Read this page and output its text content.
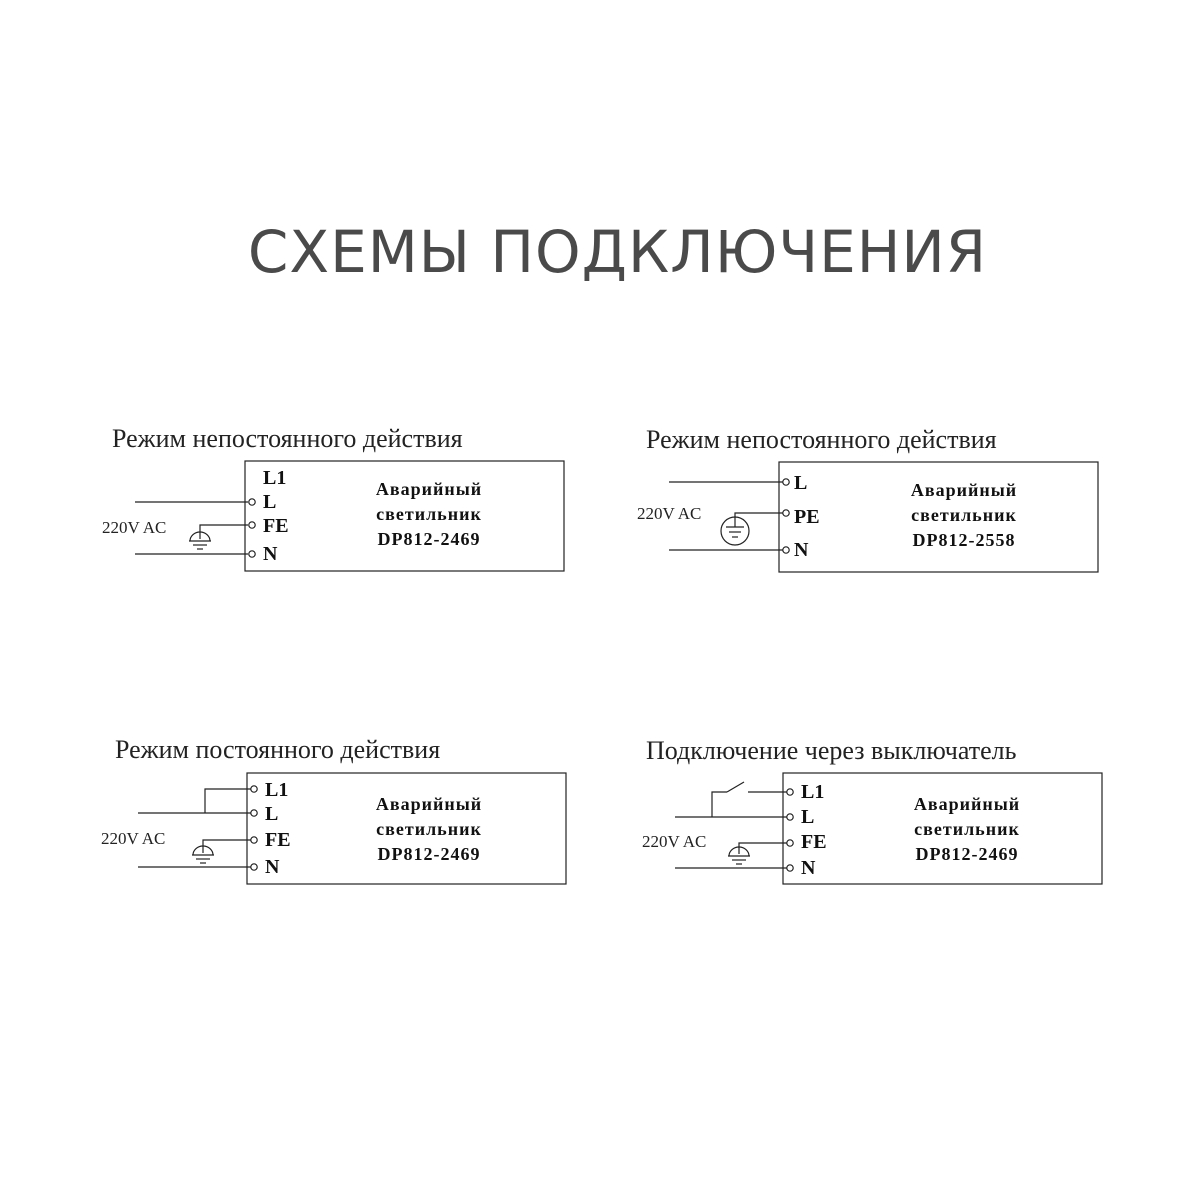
СХЕМЫ ПОДКЛЮЧЕНИЯ
Режим непостоянного действия
L1
L
FE
N
220V AC
Аварийный
светильник
DP812-2469
Режим непостоянного действия
L
PE
N
220V AC
Аварийный
светильник
DP812-2558
Режим постоянного действия
L1
L
FE
N
220V AC
Аварийный
светильник
DP812-2469
Подключение через выключатель
L1
L
FE
N
220V AC
Аварийный
светильник
DP812-2469
